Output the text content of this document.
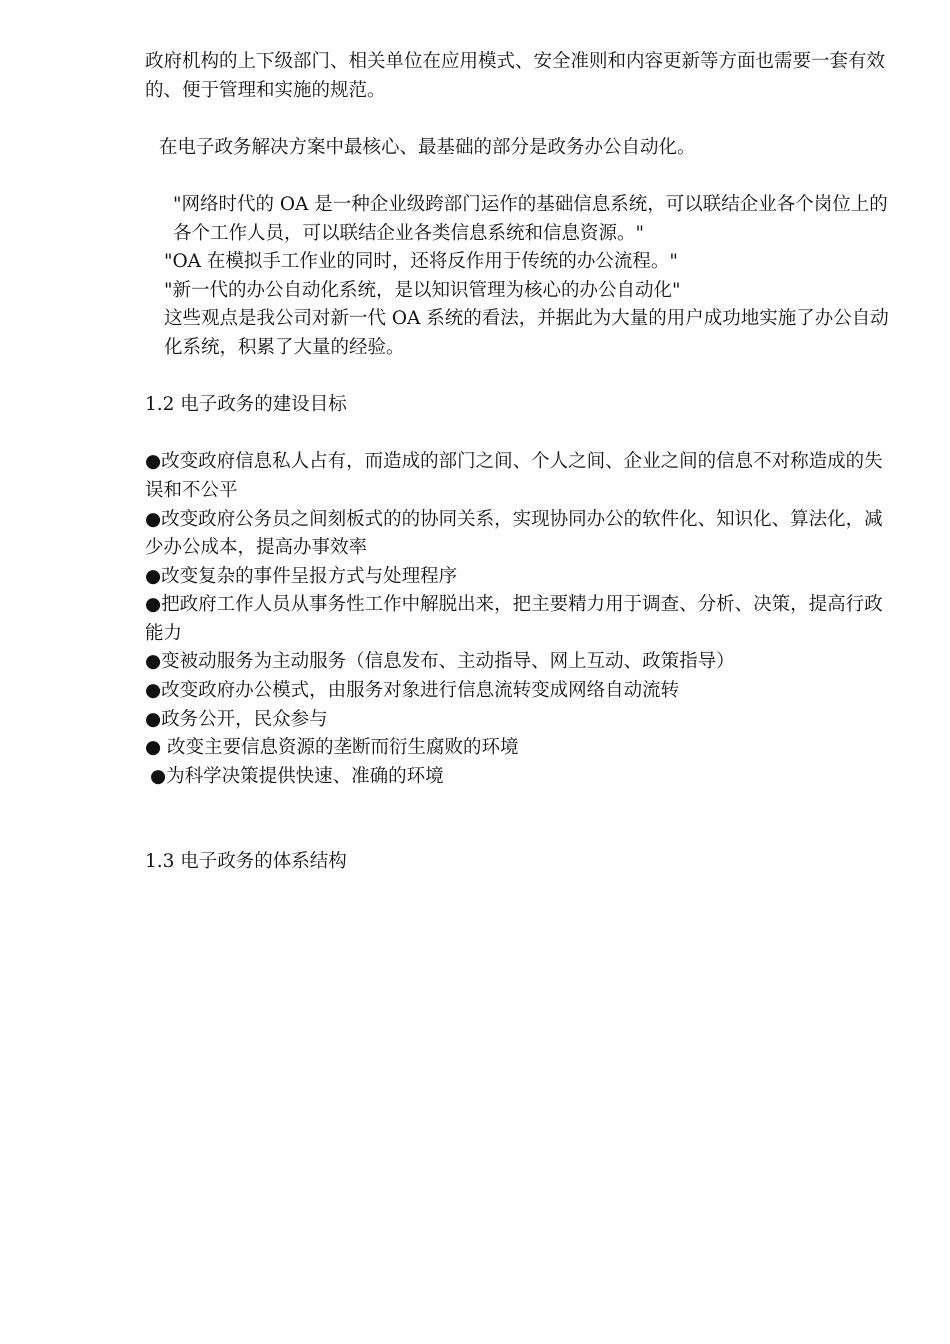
政府机构的上下级部门、相关单位在应用模式、安全准则和内容更新等方面也需要一套有效的、便于管理和实施的规范。

在电子政务解决方案中最核心、最基础的部分是政务办公自动化。

"网络时代的 OA 是一种企业级跨部门运作的基础信息系统，可以联结企业各个岗位上的各个工作人员，可以联结企业各类信息系统和信息资源。"

"OA 在模拟手工作业的同时，还将反作用于传统的办公流程。"

"新一代的办公自动化系统，是以知识管理为核心的办公自动化"

这些观点是我公司对新一代 OA 系统的看法，并据此为大量的用户成功地实施了办公自动化系统，积累了大量的经验。

1.2 电子政务的建设目标

●改变政府信息私人占有，而造成的部门之间、个人之间、企业之间的信息不对称造成的失误和不公平

●改变政府公务员之间刻板式的的协同关系，实现协同办公的软件化、知识化、算法化，减少办公成本，提高办事效率

●改变复杂的事件呈报方式与处理程序

●把政府工作人员从事务性工作中解脱出来，把主要精力用于调查、分析、决策，提高行政能力

●变被动服务为主动服务（信息发布、主动指导、网上互动、政策指导）

●改变政府办公模式，由服务对象进行信息流转变成网络自动流转

●政务公开，民众参与

● 改变主要信息资源的垄断而衍生腐败的环境

●为科学决策提供快速、准确的环境

1.3 电子政务的体系结构
